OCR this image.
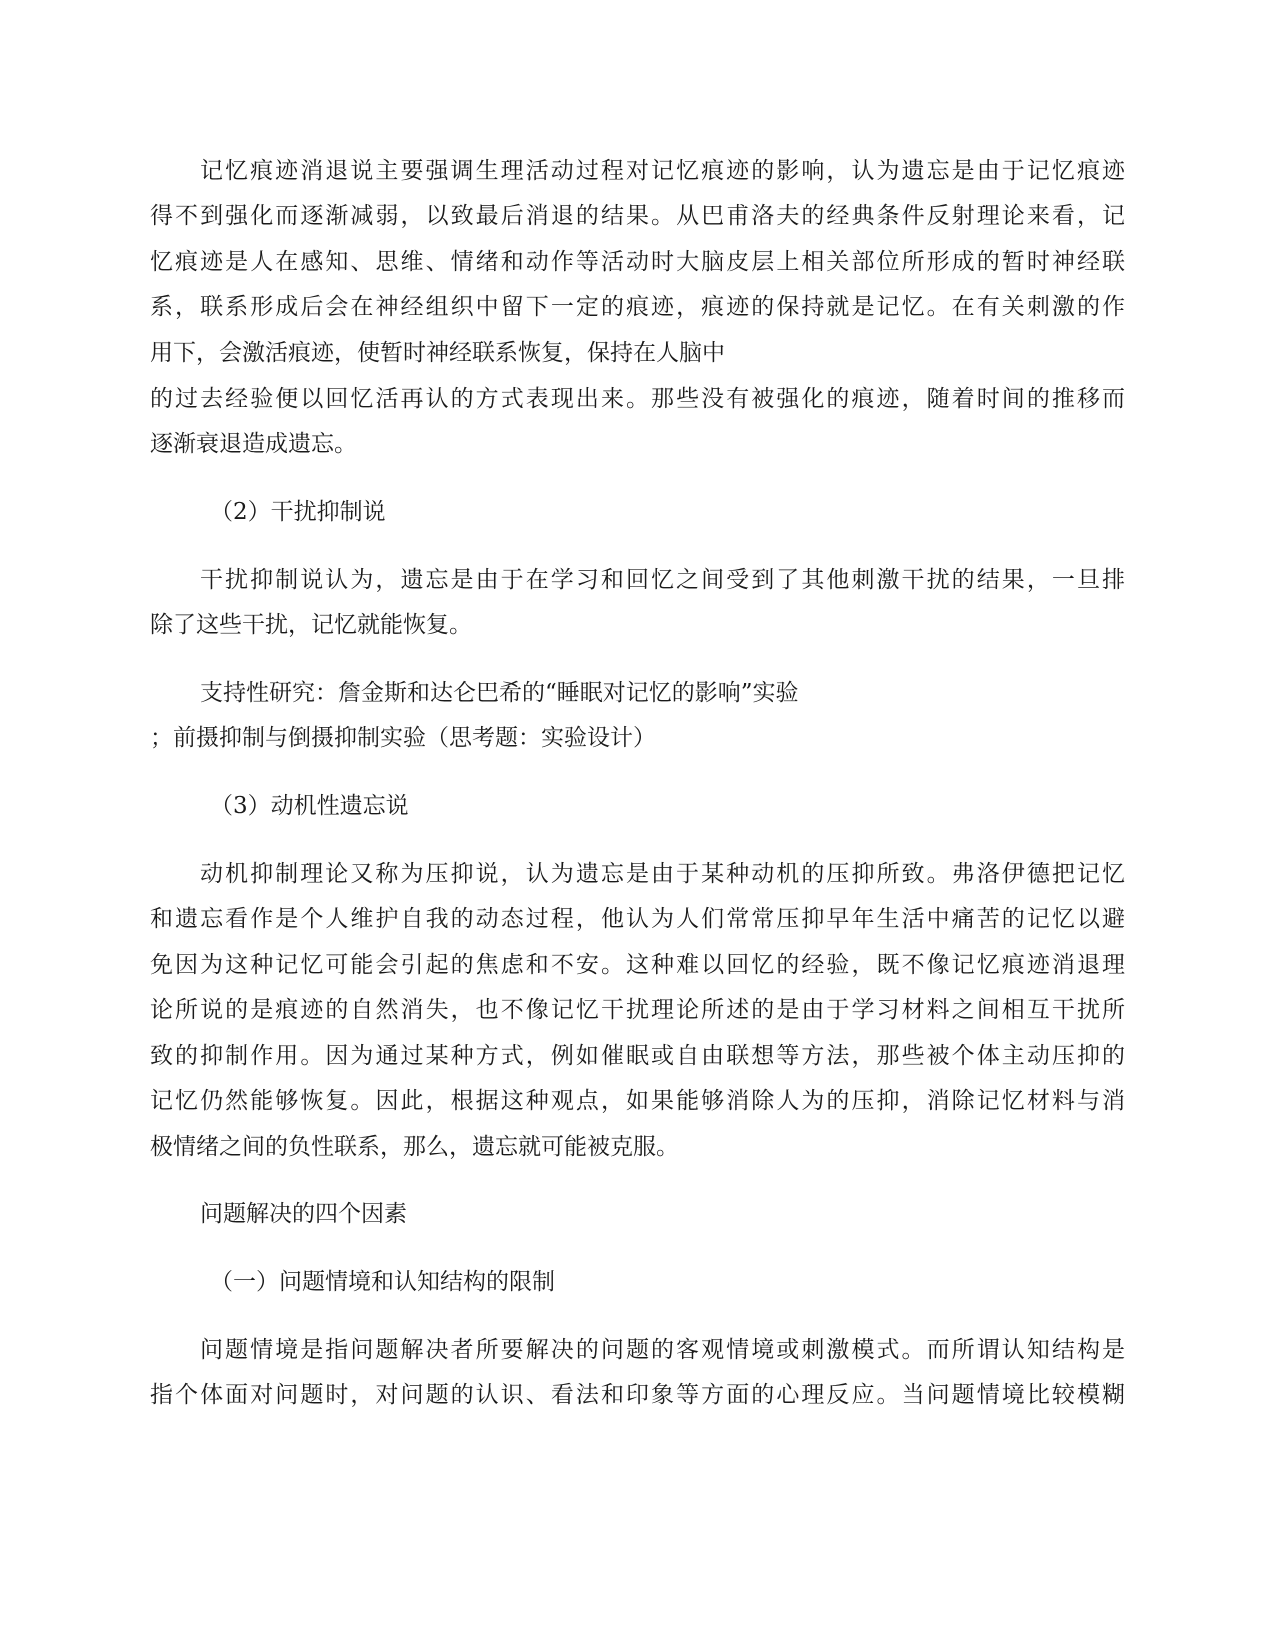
记忆痕迹消退说主要强调生理活动过程对记忆痕迹的影响，认为遗忘是由于记忆痕迹
得不到强化而逐渐减弱，以致最后消退的结果。从巴甫洛夫的经典条件反射理论来看，记
忆痕迹是人在感知、思维、情绪和动作等活动时大脑皮层上相关部位所形成的暂时神经联
系，联系形成后会在神经组织中留下一定的痕迹，痕迹的保持就是记忆。在有关刺激的作
用下，会激活痕迹，使暂时神经联系恢复，保持在人脑中
的过去经验便以回忆活再认的方式表现出来。那些没有被强化的痕迹，随着时间的推移而
逐渐衰退造成遗忘。
（2）干扰抑制说
干扰抑制说认为，遗忘是由于在学习和回忆之间受到了其他刺激干扰的结果，一旦排
除了这些干扰，记忆就能恢复。
支持性研究：詹金斯和达仑巴希的“睡眠对记忆的影响”实验
；前摄抑制与倒摄抑制实验（思考题：实验设计）
（3）动机性遗忘说
动机抑制理论又称为压抑说，认为遗忘是由于某种动机的压抑所致。弗洛伊德把记忆
和遗忘看作是个人维护自我的动态过程，他认为人们常常压抑早年生活中痛苦的记忆以避
免因为这种记忆可能会引起的焦虑和不安。这种难以回忆的经验，既不像记忆痕迹消退理
论所说的是痕迹的自然消失，也不像记忆干扰理论所述的是由于学习材料之间相互干扰所
致的抑制作用。因为通过某种方式，例如催眠或自由联想等方法，那些被个体主动压抑的
记忆仍然能够恢复。因此，根据这种观点，如果能够消除人为的压抑，消除记忆材料与消
极情绪之间的负性联系，那么，遗忘就可能被克服。
问题解决的四个因素
（一）问题情境和认知结构的限制
问题情境是指问题解决者所要解决的问题的客观情境或刺激模式。而所谓认知结构是
指个体面对问题时，对问题的认识、看法和印象等方面的心理反应。当问题情境比较模糊
